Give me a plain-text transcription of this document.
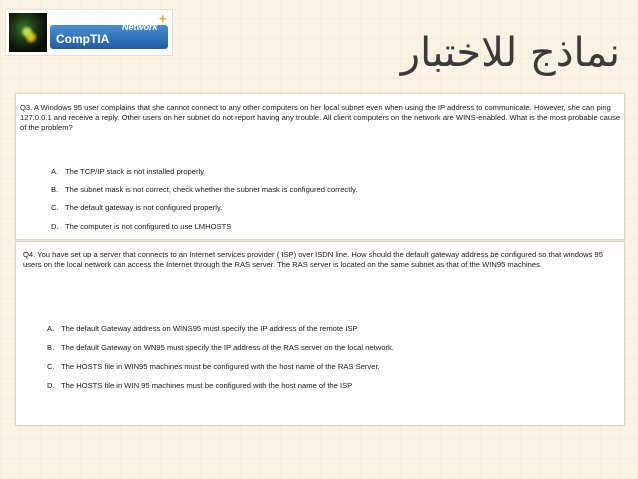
CompTIA
Network
+
نماذج للاختبار
Q3. A Windows 95 user complains that she cannot connect to any other computers on her local subnet even when using the IP address to communicate. However, she can ping 127.0.0.1 and receive a reply. Other users on her subnet do not report having any trouble. All client computers on the network are WINS-enabled. What is the most probable cause of the problem?
A. The TCP/IP stack is not installed properly
B. The subnet mask is not correct, check whether the subnet mask is configured correctly.
C. The default gateway is not configured properly.
D. The computer is not configured to use LMHOSTS
Q4. You have set up a server that connects to an Internet services provider ( ISP) over ISDN line. How should the default gateway address be configured so that windows 95 users on the local network can access the Internet through the RAS server. The RAS server is located on the same subnet as that of the WIN95 machines.
A. The default Gateway address on WINS95 must specify the IP address of the remote ISP
B. The default Gateway on WN95 must specify the IP address of the RAS server on the local network.
C. The HOSTS file in WIN95 machines must be configured with the host name of the RAS Server.
D. The HOSTS file in WIN 95 machines must be configured with the host name of the ISP
